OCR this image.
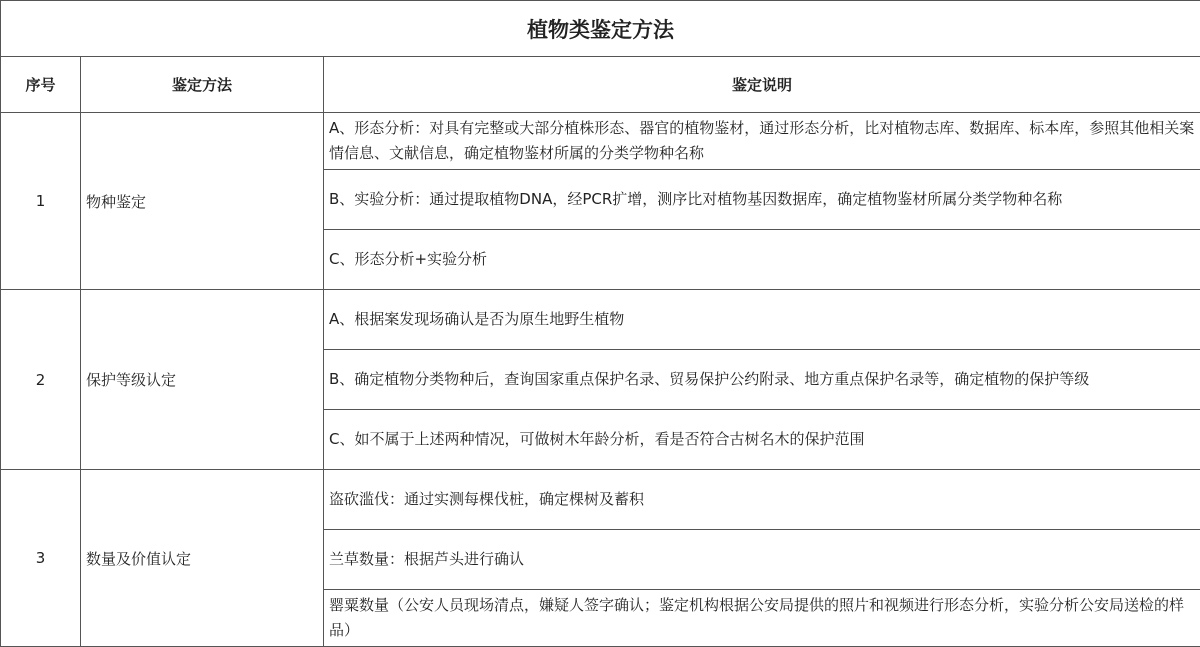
植物类鉴定方法		
序号	鉴定方法	鉴定说明
1	物种鉴定	A、形态分析：对具有完整或大部分植株形态、器官的植物鉴材，通过形态分析，比对植物志库、数据库、标本库，参照其他相关案情信息、文献信息，确定植物鉴材所属的分类学物种名称
		B、实验分析：通过提取植物DNA，经PCR扩增，测序比对植物基因数据库，确定植物鉴材所属分类学物种名称
		C、形态分析+实验分析
2	保护等级认定	A、根据案发现场确认是否为原生地野生植物
		B、确定植物分类物种后，查询国家重点保护名录、贸易保护公约附录、地方重点保护名录等，确定植物的保护等级
		C、如不属于上述两种情况，可做树木年龄分析，看是否符合古树名木的保护范围
3	数量及价值认定	盗砍滥伐：通过实测每棵伐桩，确定棵树及蓄积
		兰草数量：根据芦头进行确认
		罂粟数量（公安人员现场清点，嫌疑人签字确认；鉴定机构根据公安局提供的照片和视频进行形态分析，实验分析公安局送检的样品）
